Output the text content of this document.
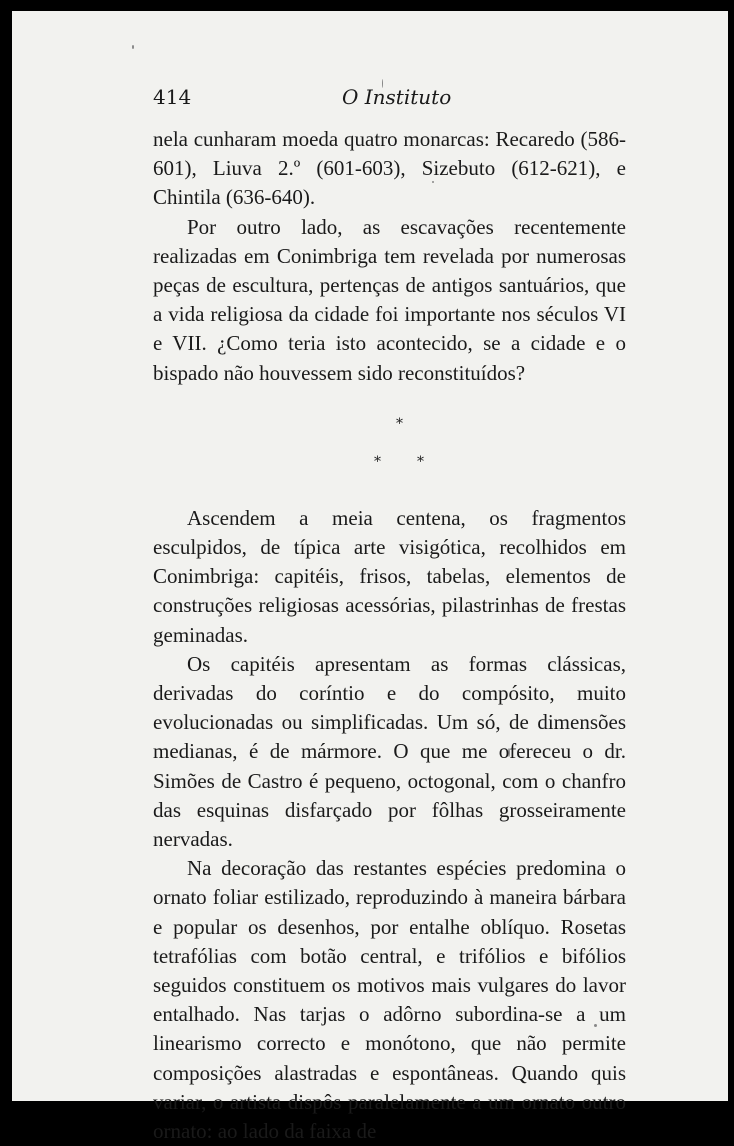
414	O Instituto

nela cunharam moeda quatro monarcas: Recaredo (586-601), Liuva 2.º (601-603), Sizebuto (612-621), e Chintila (636-640).

Por outro lado, as escavações recentemente realizadas em Conimbriga tem revelada por numerosas peças de escultura, pertenças de antigos santuários, que a vida religiosa da cidade foi importante nos séculos VI e VII. ¿Como teria isto acontecido, se a cidade e o bispado não houvessem sido reconstituídos?

*
*	*

Ascendem a meia centena, os fragmentos esculpidos, de típica arte visigótica, recolhidos em Conimbriga: capitéis, frisos, tabelas, elementos de construções religiosas acessórias, pilastrinhas de frestas geminadas.

Os capitéis apresentam as formas clássicas, derivadas do coríntio e do compósito, muito evolucionadas ou simplificadas. Um só, de dimensões medianas, é de mármore. O que me ofereceu o dr. Simões de Castro é pequeno, octogonal, com o chanfro das esquinas disfarçado por fôlhas grosseiramente nervadas.

Na decoração das restantes espécies predomina o ornato foliar estilizado, reproduzindo à maneira bárbara e popular os desenhos, por entalhe oblíquo. Rosetas tetrafólias com botão central, e trifólios e bifólios seguidos constituem os motivos mais vulgares do lavor entalhado. Nas tarjas o adôrno subordina-se a um linearismo correcto e monótono, que não permite composições alastradas e espontâneas. Quando quis variar, o artista dispôs paralelamente a um ornato outro ornato: ao lado da faixa de
